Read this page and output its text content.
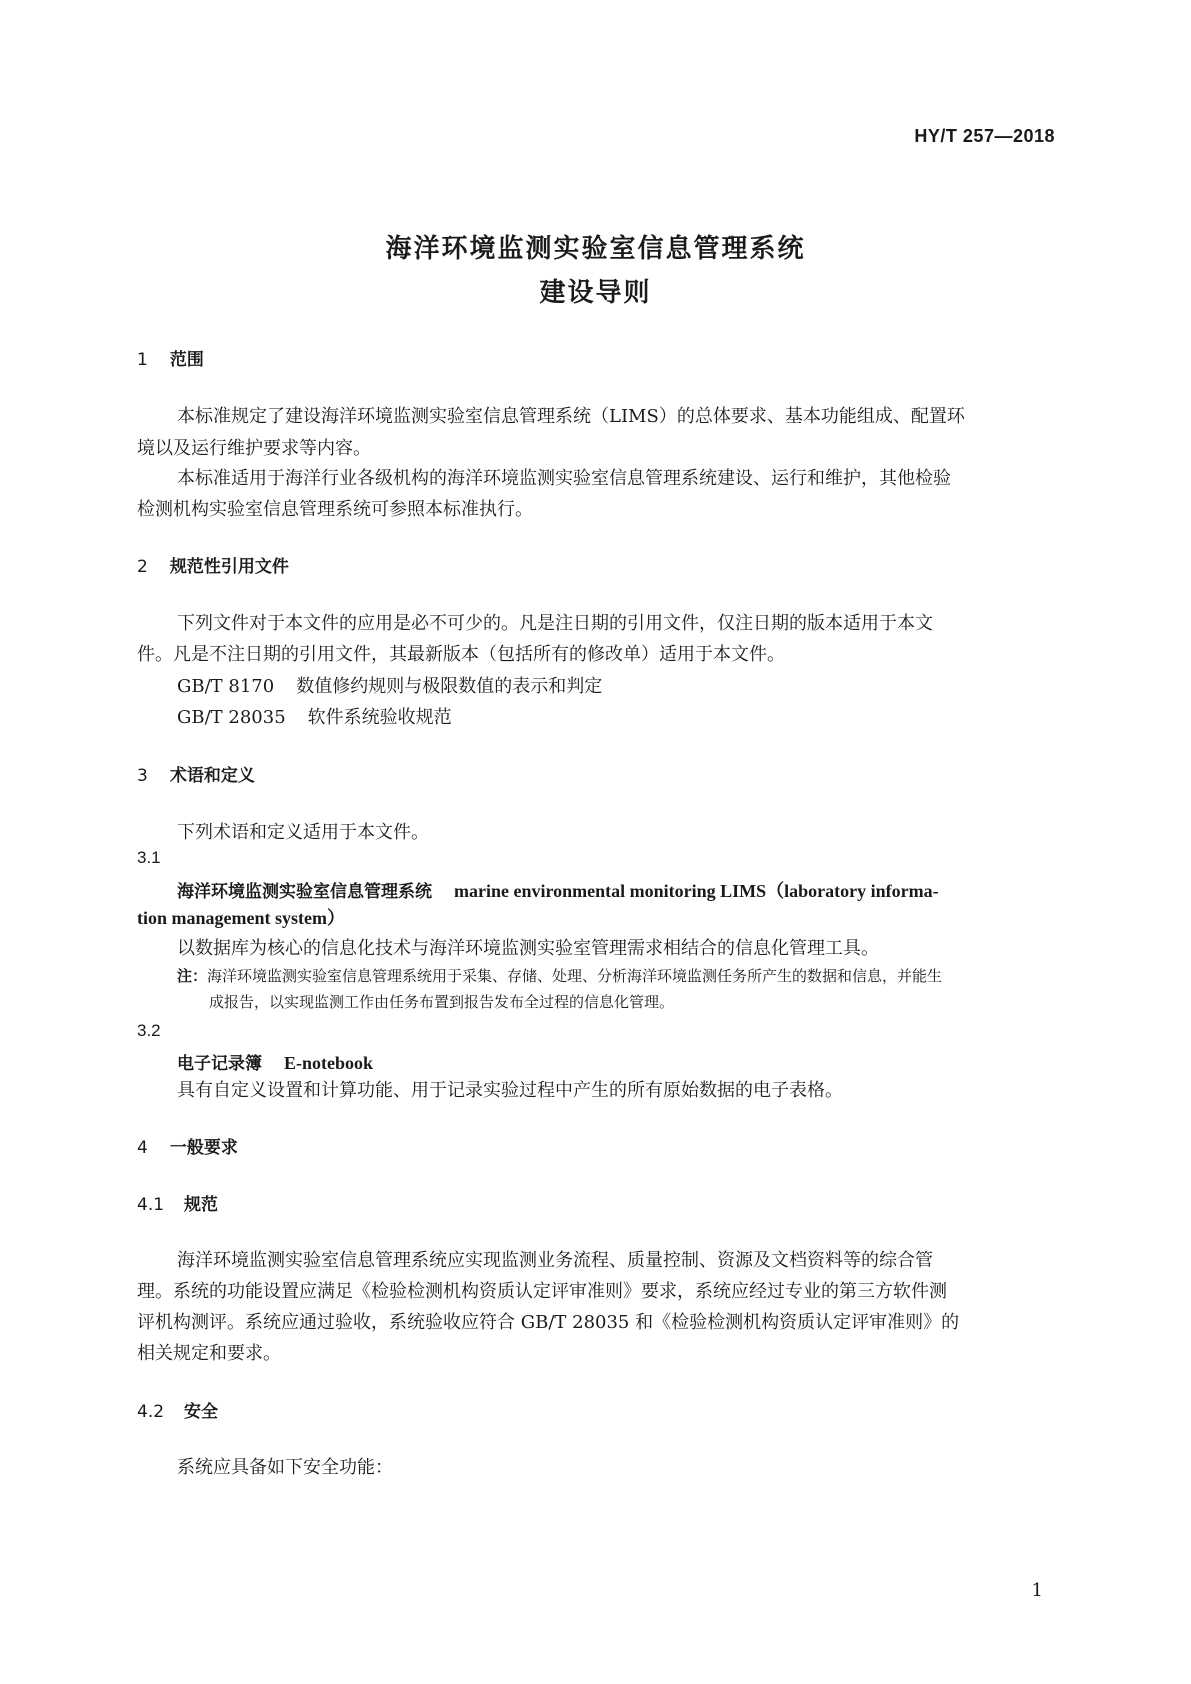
HY/T 257—2018
海洋环境监测实验室信息管理系统
建设导则
1 范围
本标准规定了建设海洋环境监测实验室信息管理系统（LIMS）的总体要求、基本功能组成、配置环
境以及运行维护要求等内容。
本标准适用于海洋行业各级机构的海洋环境监测实验室信息管理系统建设、运行和维护，其他检验
检测机构实验室信息管理系统可参照本标准执行。
2 规范性引用文件
下列文件对于本文件的应用是必不可少的。凡是注日期的引用文件，仅注日期的版本适用于本文
件。凡是不注日期的引用文件，其最新版本（包括所有的修改单）适用于本文件。
GB/T 8170 数值修约规则与极限数值的表示和判定
GB/T 28035 软件系统验收规范
3 术语和定义
下列术语和定义适用于本文件。
3.1
海洋环境监测实验室信息管理系统 marine environmental monitoring LIMS（laboratory informa-
tion management system）
以数据库为核心的信息化技术与海洋环境监测实验室管理需求相结合的信息化管理工具。
注：海洋环境监测实验室信息管理系统用于采集、存储、处理、分析海洋环境监测任务所产生的数据和信息，并能生
成报告，以实现监测工作由任务布置到报告发布全过程的信息化管理。
3.2
电子记录簿 E-notebook
具有自定义设置和计算功能、用于记录实验过程中产生的所有原始数据的电子表格。
4 一般要求
4.1 规范
海洋环境监测实验室信息管理系统应实现监测业务流程、质量控制、资源及文档资料等的综合管
理。系统的功能设置应满足《检验检测机构资质认定评审准则》要求，系统应经过专业的第三方软件测
评机构测评。系统应通过验收，系统验收应符合 GB/T 28035 和《检验检测机构资质认定评审准则》的
相关规定和要求。
4.2 安全
系统应具备如下安全功能：
1
